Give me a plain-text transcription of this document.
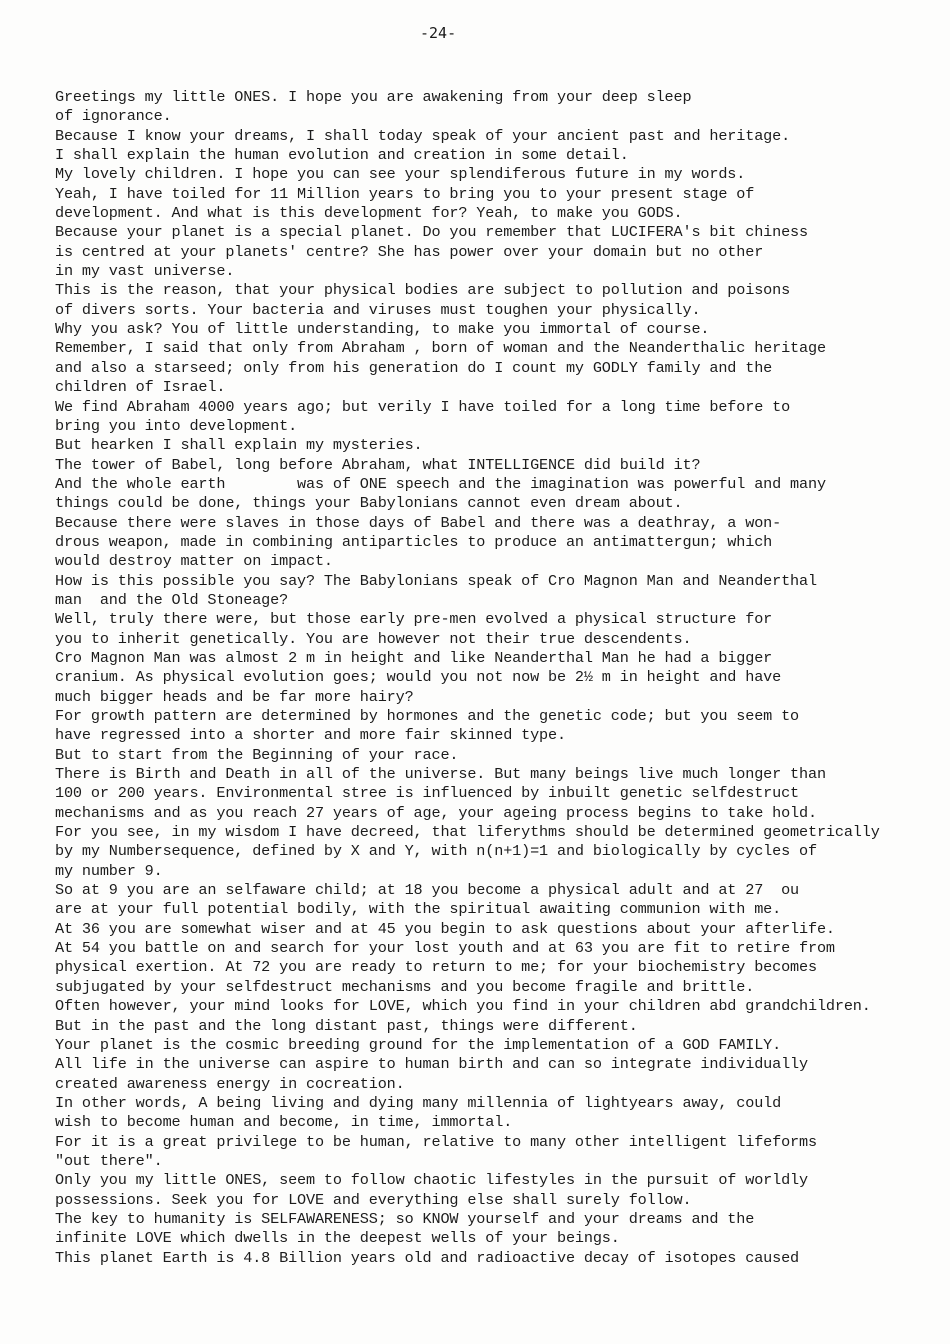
-24-
Greetings my little ONES. I hope you are awakening from your deep sleep
of ignorance.
Because I know your dreams, I shall today speak of your ancient past and heritage.
I shall explain the human evolution and creation in some detail.
My lovely children. I hope you can see your splendiferous future in my words.
Yeah, I have toiled for 11 Million years to bring you to your present stage of
development. And what is this development for? Yeah, to make you GODS.
Because your planet is a special planet. Do you remember that LUCIFERA's bit chiness
is centred at your planets' centre? She has power over your domain but no other
in my vast universe.
This is the reason, that your physical bodies are subject to pollution and poisons
of divers sorts. Your bacteria and viruses must toughen your physically.
Why you ask? You of little understanding, to make you immortal of course.
Remember, I said that only from Abraham , born of woman and the Neanderthalic heritage
and also a starseed; only from his generation do I count my GODLY family and the
children of Israel.
We find Abraham 4000 years ago; but verily I have toiled for a long time before to
bring you into development.
But hearken I shall explain my mysteries.
The tower of Babel, long before Abraham, what INTELLIGENCE did build it?
And the whole earth        was of ONE speech and the imagination was powerful and many
things could be done, things your Babylonians cannot even dream about.
Because there were slaves in those days of Babel and there was a deathray, a won-
drous weapon, made in combining antiparticles to produce an antimattergun; which
would destroy matter on impact.
How is this possible you say? The Babylonians speak of Cro Magnon Man and Neanderthal
man  and the Old Stoneage?
Well, truly there were, but those early pre-men evolved a physical structure for
you to inherit genetically. You are however not their true descendents.
Cro Magnon Man was almost 2 m in height and like Neanderthal Man he had a bigger
cranium. As physical evolution goes; would you not now be 2½ m in height and have
much bigger heads and be far more hairy?
For growth pattern are determined by hormones and the genetic code; but you seem to
have regressed into a shorter and more fair skinned type.
But to start from the Beginning of your race.
There is Birth and Death in all of the universe. But many beings live much longer than
100 or 200 years. Environmental stree is influenced by inbuilt genetic selfdestruct
mechanisms and as you reach 27 years of age, your ageing process begins to take hold.
For you see, in my wisdom I have decreed, that liferythms should be determined geometrically
by my Numbersequence, defined by X and Y, with n(n+1)=1 and biologically by cycles of
my number 9.
So at 9 you are an selfaware child; at 18 you become a physical adult and at 27  ou
are at your full potential bodily, with the spiritual awaiting communion with me.
At 36 you are somewhat wiser and at 45 you begin to ask questions about your afterlife.
At 54 you battle on and search for your lost youth and at 63 you are fit to retire from
physical exertion. At 72 you are ready to return to me; for your biochemistry becomes
subjugated by your selfdestruct mechanisms and you become fragile and brittle.
Often however, your mind looks for LOVE, which you find in your children abd grandchildren.
But in the past and the long distant past, things were different.
Your planet is the cosmic breeding ground for the implementation of a GOD FAMILY.
All life in the universe can aspire to human birth and can so integrate individually
created awareness energy in cocreation.
In other words, A being living and dying many millennia of lightyears away, could
wish to become human and become, in time, immortal.
For it is a great privilege to be human, relative to many other intelligent lifeforms
"out there".
Only you my little ONES, seem to follow chaotic lifestyles in the pursuit of worldly
possessions. Seek you for LOVE and everything else shall surely follow.
The key to humanity is SELFAWARENESS; so KNOW yourself and your dreams and the
infinite LOVE which dwells in the deepest wells of your beings.
This planet Earth is 4.8 Billion years old and radioactive decay of isotopes caused
